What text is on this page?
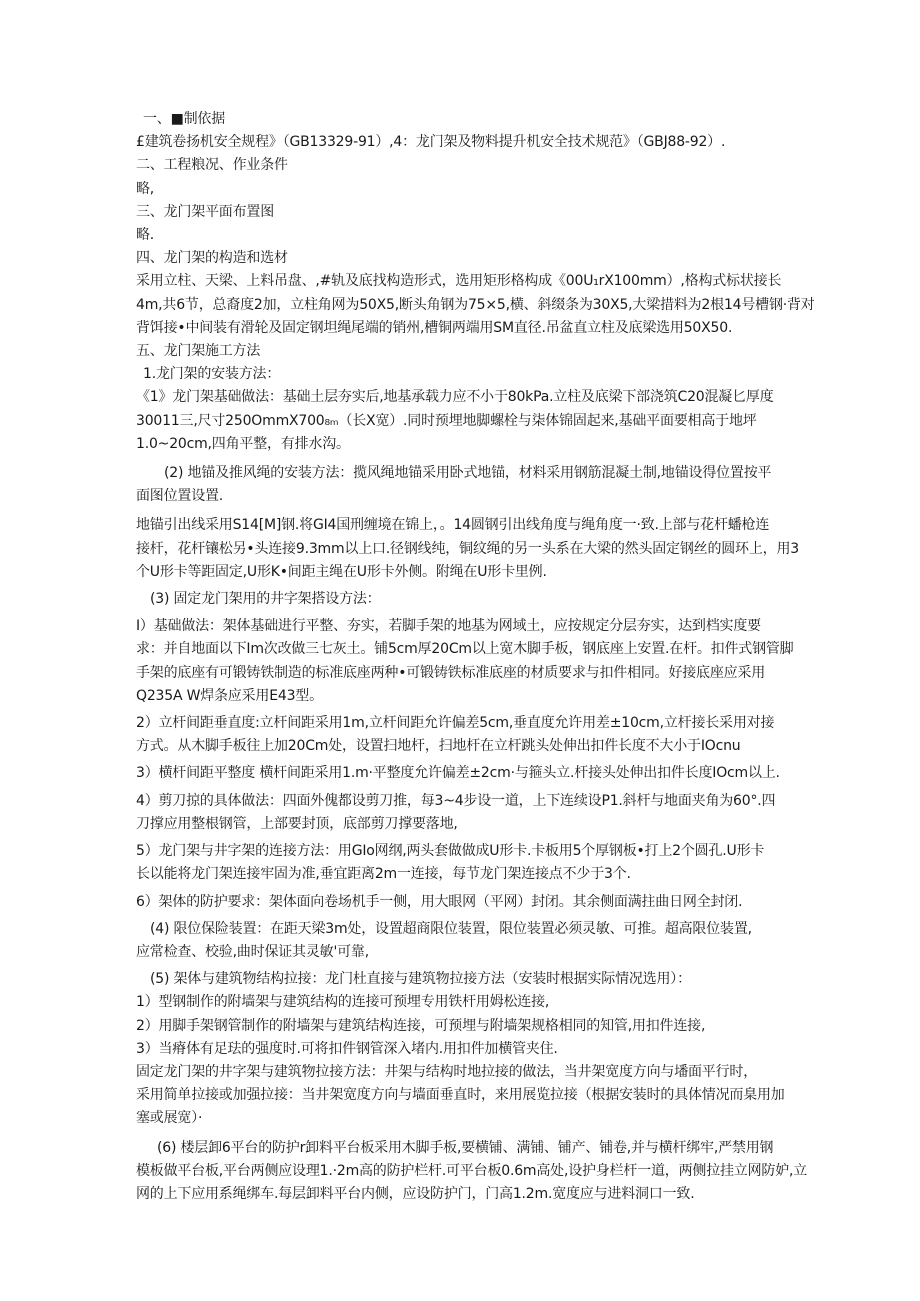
一、■制依据
£建筑卷扬机安全规程》（GB13329-91）,4：龙门架及物料提升机安全技术规范》（GBJ88-92）.
二、工程粮况、作业条件
略,
三、龙门架平面布置图
略.
四、龙门架的构造和选材
采用立柱、天梁、上料吊盘、,#轨及底找构造形式，选用矩形格构成《00U₁rX100mm）,格构式标状接长
4m,共6节，总裔度2加，立柱角网为50X5,断头角钢为75×5,横、斜缀条为30X5,大梁措料为2根14号槽钢·背对
背饵接•中间装有滑轮及固定钢坦绳尾端的销州,槽铜两端用SM直径.吊盆直立柱及底梁选用50X50.
五、龙门架施工方法
1.龙门架的安装方法：
《1》龙门架基础做法：基础土层夯实后,地基承载力应不小于80kPa.立柱及底梁下部浇筑C20混凝匕厚度
30011三,尺寸250OmmX700₈ₘ（长X宽）.同时预埋地脚螺栓与柒体锦固起来,基础平面要相高于地坪
1.0~20cm,四角平整，有排水沟。
(2) 地锚及推风绳的安装方法：揽风绳地锚采用卧式地锚，材料采用钢筋混凝土制,地锚设得位置按平
面图位置设置.
地锚引出线采用S14[M]钢.将GI4国刑缠境在锦上，。14圆钢引出线角度与绳角度一·致.上部与花杆蟠枪连
接杆，花杆镶松另•头连接9.3mm以上口.径钢线纯，铜纹绳的另一头系在大梁的然头固定钢丝的圆环上，用3
个U形卡等距固定,U形K•间距主绳在U形卡外侧。附绳在U形卡里例.
(3) 固定龙门架用的井字架搭设方法：
I）基础做法：架体基础进行平整、夯实，若脚手架的地基为网域土，应按规定分层夯实，达到档实度要
求：并自地面以下Im次改做三七灰土。铺5cm厚20Cm以上宽木脚手板，钢底座上安置.在杆。扣件式钢管脚
手架的底座有可锻铸铁制造的标准底座两种•可锻铸铁标准底座的材质要求与扣件相同。好接底座应采用
Q235A W焊条应采用E43型。
2）立杆间距垂直度:立杆间距采用1m,立杆间距允许偏差5cm,垂直度允许用差±10cm,立杆接长采用对接
方式。从木脚手板往上加20Cm处，设置扫地杆，扫地杆在立杆跳头处伸出扣件长度不大小于IOcnu
3）横杆间距平整度 横杆间距采用1.m·平整度允许偏差±2cm·与箍头立.杆接头处伸出扣件长度IOcm以上.
4）剪刀掠的具体做法：四面外傀都设剪刀推，每3~4步设一道，上下连续设P1.斜杆与地面夹角为60°.四
刀撑应用整根钢管，上部要封顶，底部剪刀撑要落地,
5）龙门架与井字架的连接方法：用GIo网纲,两头套做做成U形卡.卡板用5个厚钢板•打上2个圆孔.U形卡
长以能将龙门架连接牢固为准,垂宜距离2m一连接，每节龙门架连接点不少于3个.
6）架体的防护要求：架体面向卷场机手一侧，用大眼网（平网）封闭。其余侧面满拄曲日网全封闭.
(4) 限位保险装置：在距天梁3m处，设置超商限位装置，限位装置必须灵敏、可推。超高限位装置,
应常检查、校验,曲时保证其灵敏'可靠,
(5) 架体与建筑物结构拉接：龙门杜直接与建筑物拉接方法（安装时根据实际情况选用）：
1）型钢制作的附墙架与建筑结构的连接可预埋专用铁杆用姆松连接,
2）用脚手架钢管制作的附墙架与建筑结构连接，可预埋与附墙架规格相同的知管,用扣件连接,
3）当瘠体有足珐的强度时.可将扣件钢管深入堵内.用扣件加横管夹住.
固定龙门架的井字架与建筑物拉接方法：井架与结构时地拉接的做法，当井架宽度方向与墦面平行时，
采用简单拉接或加强拉接：当井架宽度方向与墙面垂直时，来用展览拉接（根据安装时的具体情况而臬用加
塞或展宽）·
(6) 楼层卸6平台的防护r卸料平台板采用木脚手板,要横铺、满铺、铺产、铺卷,并与横杆绑牢,严禁用钢
模板做平台板,平台两侧应设理1.·2m高的防护栏杆.可平台板0.6m高处,设护身栏杆一道，两侧拉挂立网防妒,立
网的上下应用系绳绑车.每层卸料平台内侧，应设防护门，门高1.2m.宽度应与进料洞口一致.
